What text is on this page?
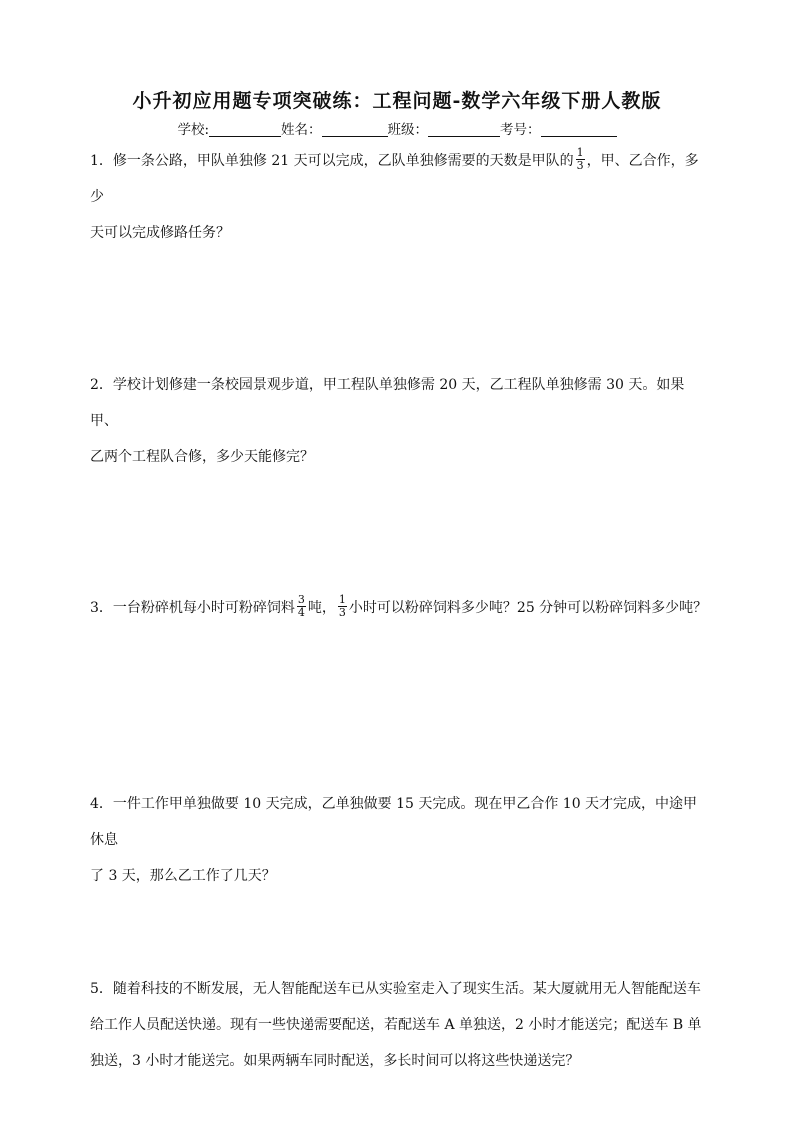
小升初应用题专项突破练：工程问题-数学六年级下册人教版
学校:	姓名：	班级：	考号：
1．修一条公路，甲队单独修 21 天可以完成，乙队单独修需要的天数是甲队的 $\frac{1}{3}$ ，甲、乙合作，多少
天可以完成修路任务？
2．学校计划修建一条校园景观步道，甲工程队单独修需 20 天，乙工程队单独修需 30 天。如果甲、
乙两个工程队合修，多少天能修完？
3．一台粉碎机每小时可粉碎饲料 $\frac{3}{4}$ 吨， $\frac{1}{3}$ 小时可以粉碎饲料多少吨？25 分钟可以粉碎饲料多少吨？
4．一件工作甲单独做要 10 天完成，乙单独做要 15 天完成。现在甲乙合作 10 天才完成，中途甲休息
了 3 天，那么乙工作了几天？
5．随着科技的不断发展，无人智能配送车已从实验室走入了现实生活。某大厦就用无人智能配送车
给工作人员配送快递。现有一些快递需要配送，若配送车 A 单独送，2 小时才能送完；配送车 B 单
独送，3 小时才能送完。如果两辆车同时配送，多长时间可以将这些快递送完？
